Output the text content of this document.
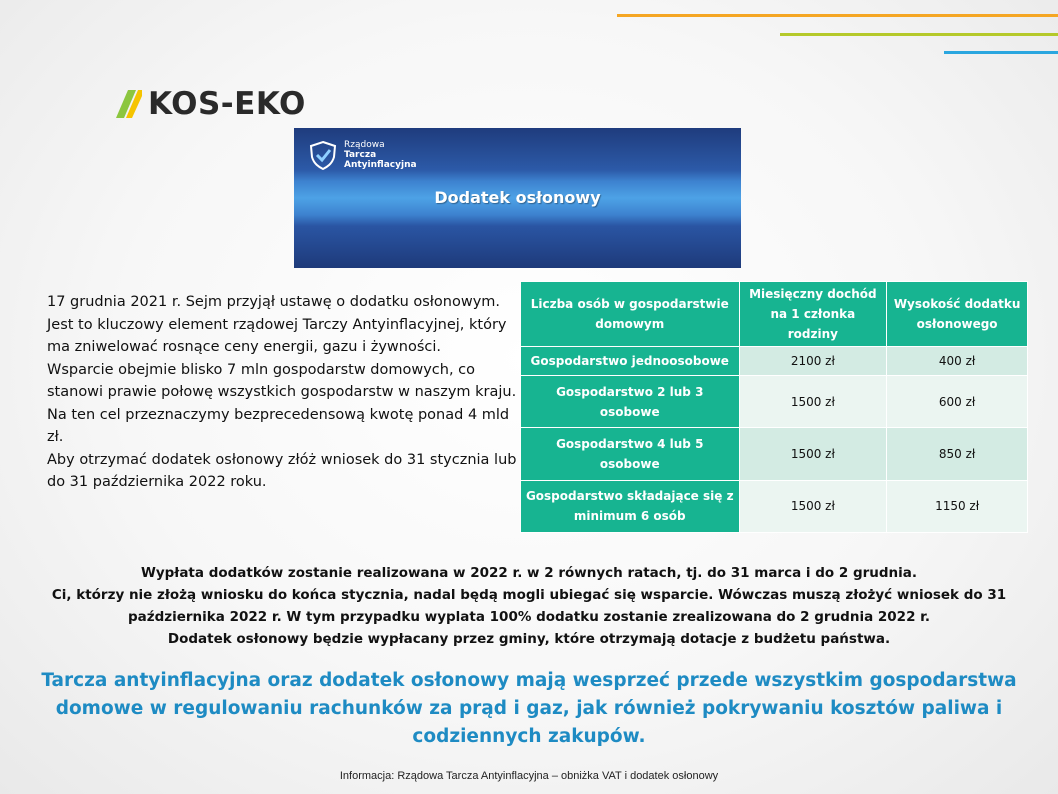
KOS-EKO
Rządowa
Tarcza
Antyinflacyjna
Dodatek osłonowy

17 grudnia 2021 r. Sejm przyjął ustawę o dodatku osłonowym.

Jest to kluczowy element rządowej Tarczy Antyinflacyjnej, który ma zniwelować rosnące ceny energii, gazu i żywności.

Wsparcie obejmie blisko 7 mln gospodarstw domowych, co stanowi prawie połowę wszystkich gospodarstw w naszym kraju. Na ten cel przeznaczymy bezprecedensową kwotę ponad 4 mld zł.

Aby otrzymać dodatek osłonowy złóż wniosek do 31 stycznia lub do 31 października 2022 roku.

Liczba osób w gospodarstwie domowym	Miesięczny dochód na 1 członka rodziny	Wysokość dodatku osłonowego
Gospodarstwo jednoosobowe	2100 zł	400 zł
Gospodarstwo 2 lub 3 osobowe	1500 zł	600 zł
Gospodarstwo 4 lub 5 osobowe	1500 zł	850 zł
Gospodarstwo składające się z minimum 6 osób	1500 zł	1150 zł

Wypłata dodatków zostanie realizowana w 2022 r. w 2 równych ratach, tj. do 31 marca i do 2 grudnia.

Ci, którzy nie złożą wniosku do końca stycznia, nadal będą mogli ubiegać się wsparcie. Wówczas muszą złożyć wniosek do 31 października 2022 r. W tym przypadku wyplata 100% dodatku zostanie zrealizowana do 2 grudnia 2022 r.

Dodatek osłonowy będzie wypłacany przez gminy, które otrzymają dotacje z budżetu państwa.

Tarcza antyinflacyjna oraz dodatek osłonowy mają wesprzeć przede wszystkim gospodarstwa domowe w regulowaniu rachunków za prąd i gaz, jak również pokrywaniu kosztów paliwa i codziennych zakupów.

Informacja: Rządowa Tarcza Antyinflacyjna – obniżka VAT i dodatek osłonowy
